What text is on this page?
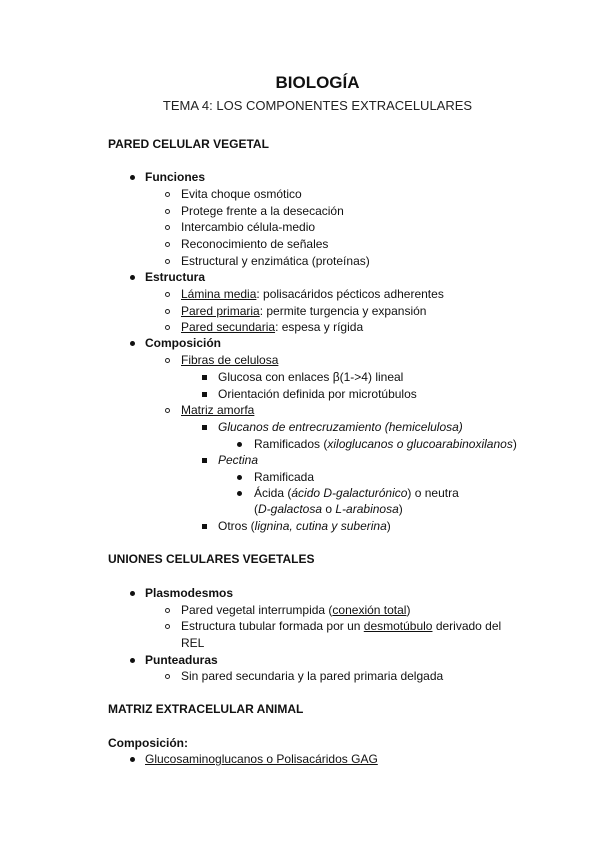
BIOLOGÍA
TEMA 4: LOS COMPONENTES EXTRACELULARES
PARED CELULAR VEGETAL
Funciones
Evita choque osmótico
Protege frente a la desecación
Intercambio célula-medio
Reconocimiento de señales
Estructural y enzimática (proteínas)
Estructura
Lámina media: polisacáridos pécticos adherentes
Pared primaria: permite turgencia y expansión
Pared secundaria: espesa y rígida
Composición
Fibras de celulosa
Glucosa con enlaces β(1->4) lineal
Orientación definida por microtúbulos
Matriz amorfa
Glucanos de entrecruzamiento (hemicelulosa)
Ramificados (xiloglucanos o glucoarabinoxilanos)
Pectina
Ramificada
Ácida (ácido D-galacturónico) o neutra
(D-galactosa o L-arabinosa)
Otros (lignina, cutina y suberina)
UNIONES CELULARES VEGETALES
Plasmodesmos
Pared vegetal interrumpida (conexión total)
Estructura tubular formada por un desmotúbulo derivado del
REL
Punteaduras
Sin pared secundaria y la pared primaria delgada
MATRIZ EXTRACELULAR ANIMAL
Composición:
Glucosaminoglucanos o Polisacáridos GAG
